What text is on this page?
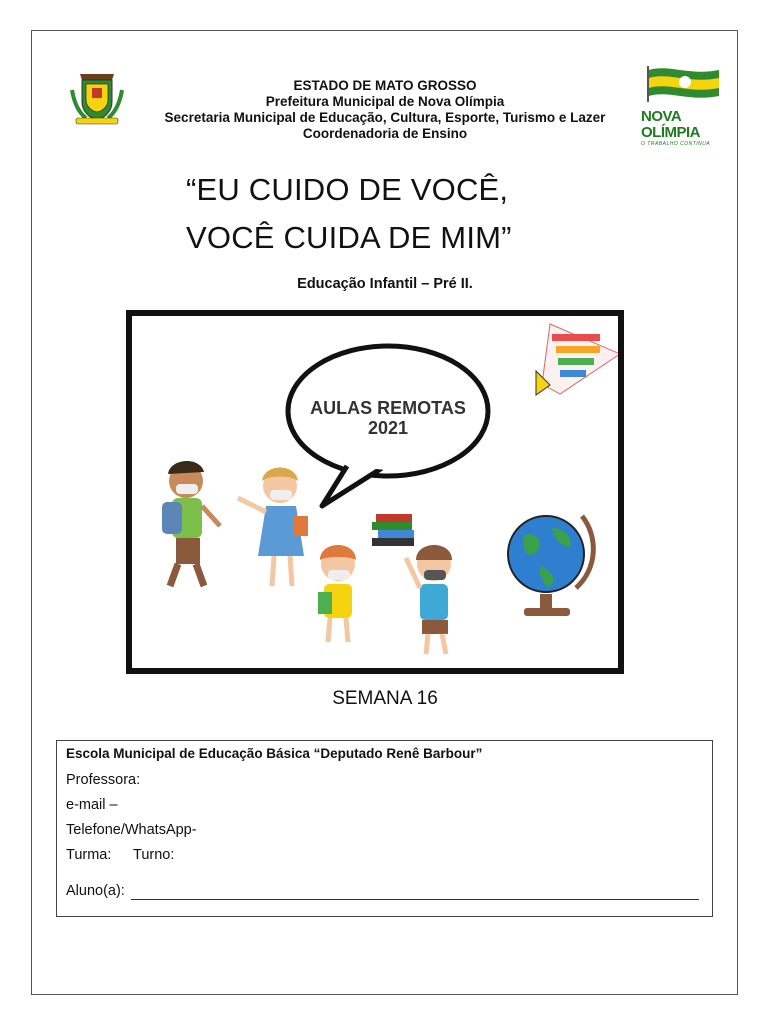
ESTADO DE MATO GROSSO
Prefeitura Municipal de Nova Olímpia
Secretaria Municipal de Educação, Cultura, Esporte, Turismo e Lazer
Coordenadoria de Ensino
NOVA OLÍMPIA
O TRABALHO CONTINUA
“EU CUIDO DE VOCÊ,
VOCÊ CUIDA DE MIM”
Educação Infantil – Pré II.
AULAS REMOTAS
2021
SEMANA 16
Escola Municipal de Educação Básica “Deputado Renê Barbour”
Professora:
e-mail –
Telefone/WhatsApp-
Turma: Turno:
Aluno(a):
